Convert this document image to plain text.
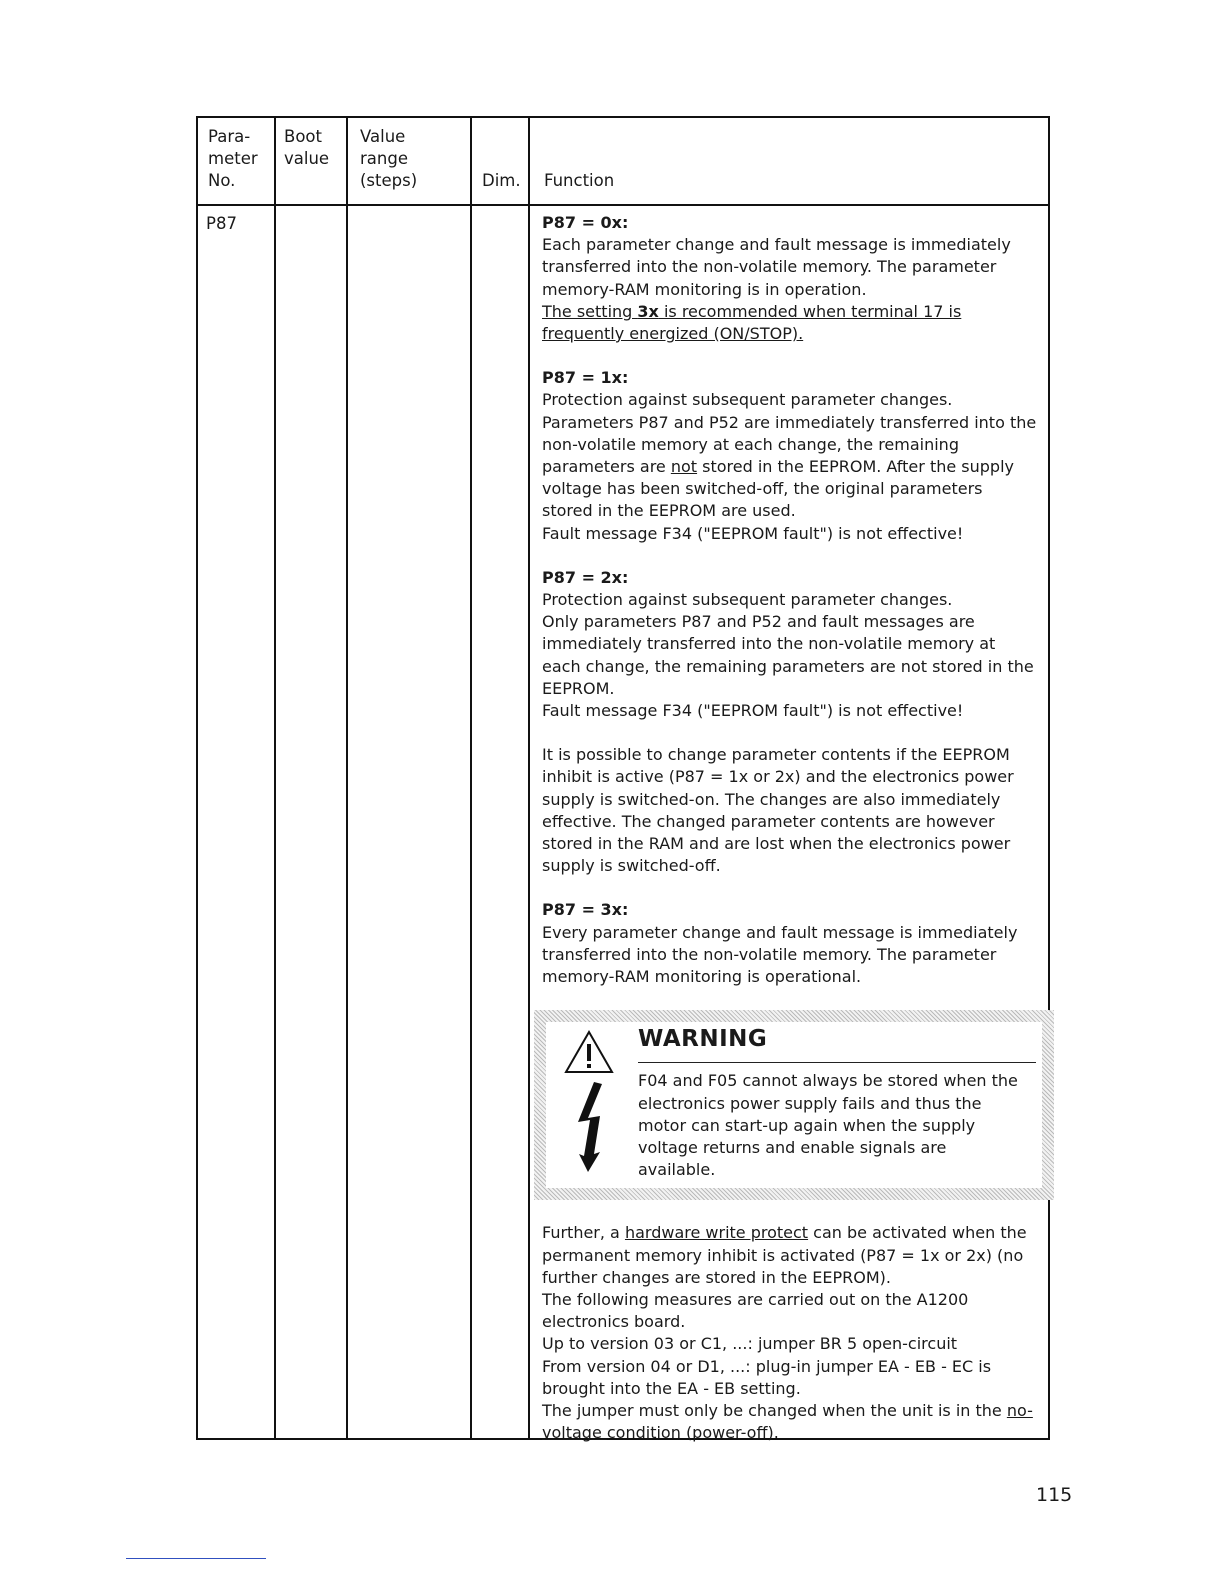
Para-
meter
No.
Boot
value
Value
range
(steps)	Dim. Function
P87	P87 = 0x:
Each parameter change and fault message is immediately
transferred into the non-volatile memory. The parameter
memory-RAM monitoring is in operation.
The setting 3x is recommended when terminal 17 is
frequently energized (ON/STOP).
P87 = 1x:
Protection against subsequent parameter changes.
Parameters P87 and P52 are immediately transferred into the
non-volatile memory at each change, the remaining
parameters are not stored in the EEPROM. After the supply
voltage has been switched-off, the original parameters
stored in the EEPROM are used.
Fault message F34 ("EEPROM fault") is not effective!
P87 = 2x:
Protection against subsequent parameter changes.
Only parameters P87 and P52 and fault messages are
immediately transferred into the non-volatile memory at
each change, the remaining parameters are not stored in the
EEPROM.
Fault message F34 ("EEPROM fault") is not effective!
It is possible to change parameter contents if the EEPROM
inhibit is active (P87 = 1x or 2x) and the electronics power
supply is switched-on. The changes are also immediately
effective. The changed parameter contents are however
stored in the RAM and are lost when the electronics power
supply is switched-off.
P87 = 3x:
Every parameter change and fault message is immediately
transferred into the non-volatile memory. The parameter
memory-RAM monitoring is operational.
WARNING
F04 and F05 cannot always be stored when the
electronics power supply fails and thus the
motor can start-up again when the supply
voltage returns and enable signals are
available.
Further, a hardware write protect can be activated when the
permanent memory inhibit is activated (P87 = 1x or 2x) (no
further changes are stored in the EEPROM).
The following measures are carried out on the A1200
electronics board.
Up to version 03 or C1, ...: jumper BR 5 open-circuit
From version 04 or D1, ...: plug-in jumper EA - EB - EC is
brought into the EA - EB setting.
The jumper must only be changed when the unit is in the no-
voltage condition (power-off).
115
